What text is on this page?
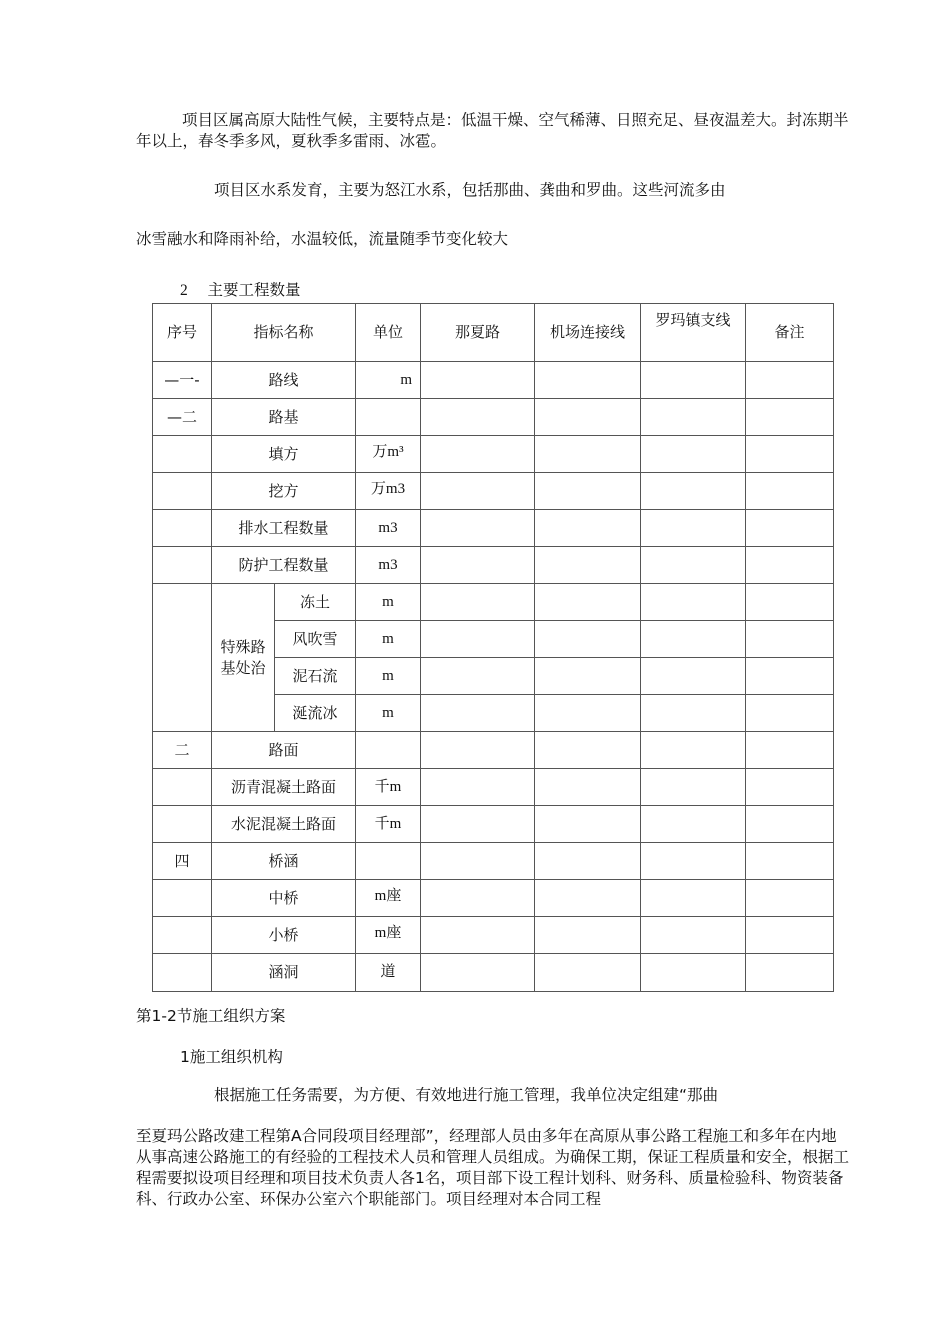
项目区属高原大陆性气候，主要特点是：低温干燥、空气稀薄、日照充足、昼夜温差大。封冻期半年以上，春冬季多风，夏秋季多雷雨、冰雹。

项目区水系发育，主要为怒江水系，包括那曲、龚曲和罗曲。这些河流多由

冰雪融水和降雨补给，水温较低，流量随季节变化较大

2 主要工程数量
序号	指标名称		单位	那夏路	机场连接线	罗玛镇支线	备注
—一-	路线		m				
—二	路基						
	填方		万m³				
	挖方		万m3				
	排水工程数量		m3				
	防护工程数量		m3				
	特殊路基处治	冻土	m				
		风吹雪	m				
		泥石流	m				
		涎流冰	m				
二	路面						
	沥青混凝土路面		千m				
	水泥混凝土路面		千m				
四	桥涵						
	中桥		m座				
	小桥		m座				
	涵洞		道				

第1-2节施工组织方案

1施工组织机构

根据施工任务需要，为方便、有效地进行施工管理，我单位决定组建“那曲

至夏玛公路改建工程第A合同段项目经理部”，经理部人员由多年在高原从事公路工程施工和多年在内地从事高速公路施工的有经验的工程技术人员和管理人员组成。为确保工期，保证工程质量和安全，根据工程需要拟设项目经理和项目技术负责人各1名，项目部下设工程计划科、财务科、质量检验科、物资装备科、行政办公室、环保办公室六个职能部门。项目经理对本合同工程
